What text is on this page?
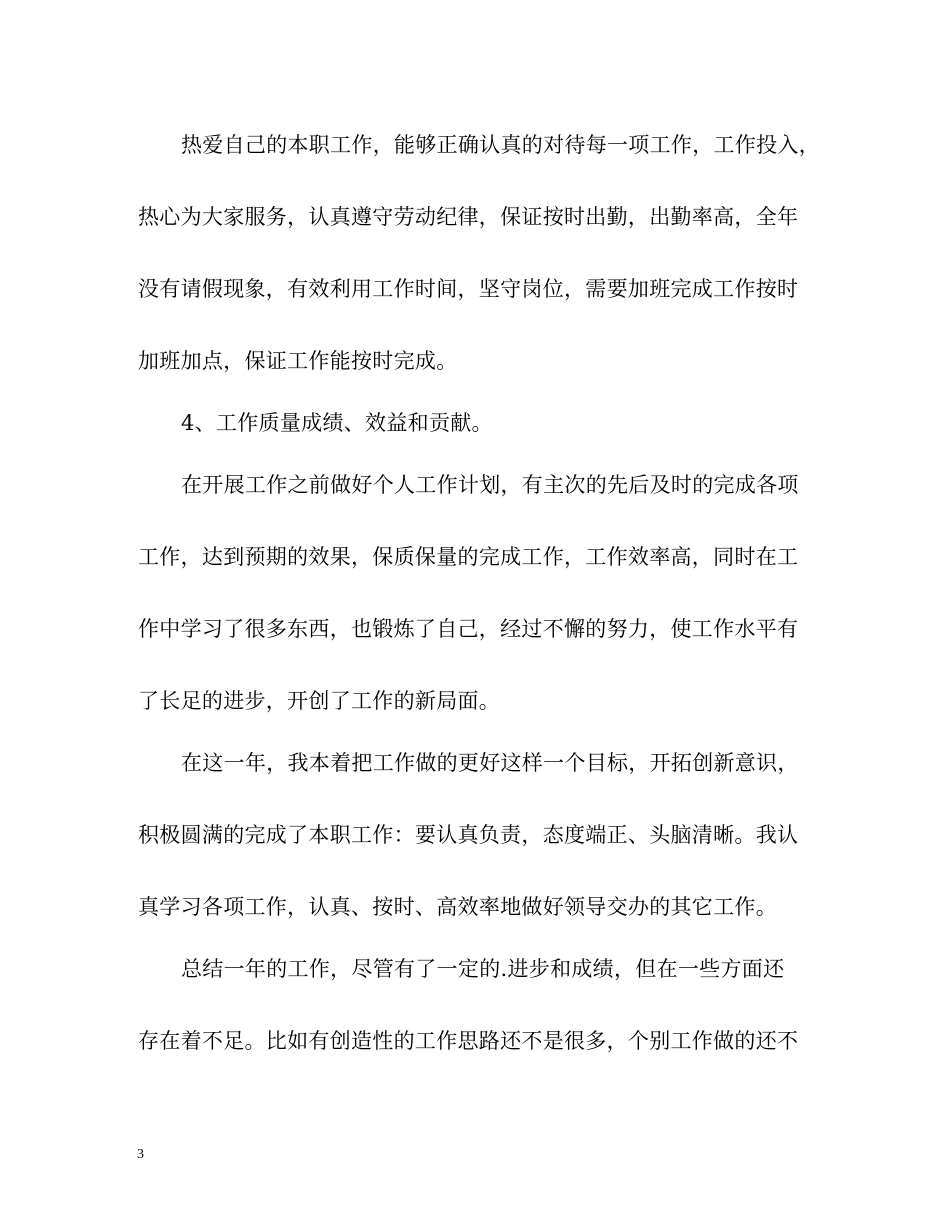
热爱自己的本职工作，能够正确认真的对待每一项工作，工作投入，
热心为大家服务，认真遵守劳动纪律，保证按时出勤，出勤率高，全年
没有请假现象，有效利用工作时间，坚守岗位，需要加班完成工作按时
加班加点，保证工作能按时完成。
4、工作质量成绩、效益和贡献。
在开展工作之前做好个人工作计划，有主次的先后及时的完成各项
工作，达到预期的效果，保质保量的完成工作，工作效率高，同时在工
作中学习了很多东西，也锻炼了自己，经过不懈的努力，使工作水平有
了长足的进步，开创了工作的新局面。
在这一年，我本着把工作做的更好这样一个目标，开拓创新意识，
积极圆满的完成了本职工作：要认真负责，态度端正、头脑清晰。我认
真学习各项工作，认真、按时、高效率地做好领导交办的其它工作。
总结一年的工作，尽管有了一定的.进步和成绩，但在一些方面还
存在着不足。比如有创造性的工作思路还不是很多，个别工作做的还不
3
